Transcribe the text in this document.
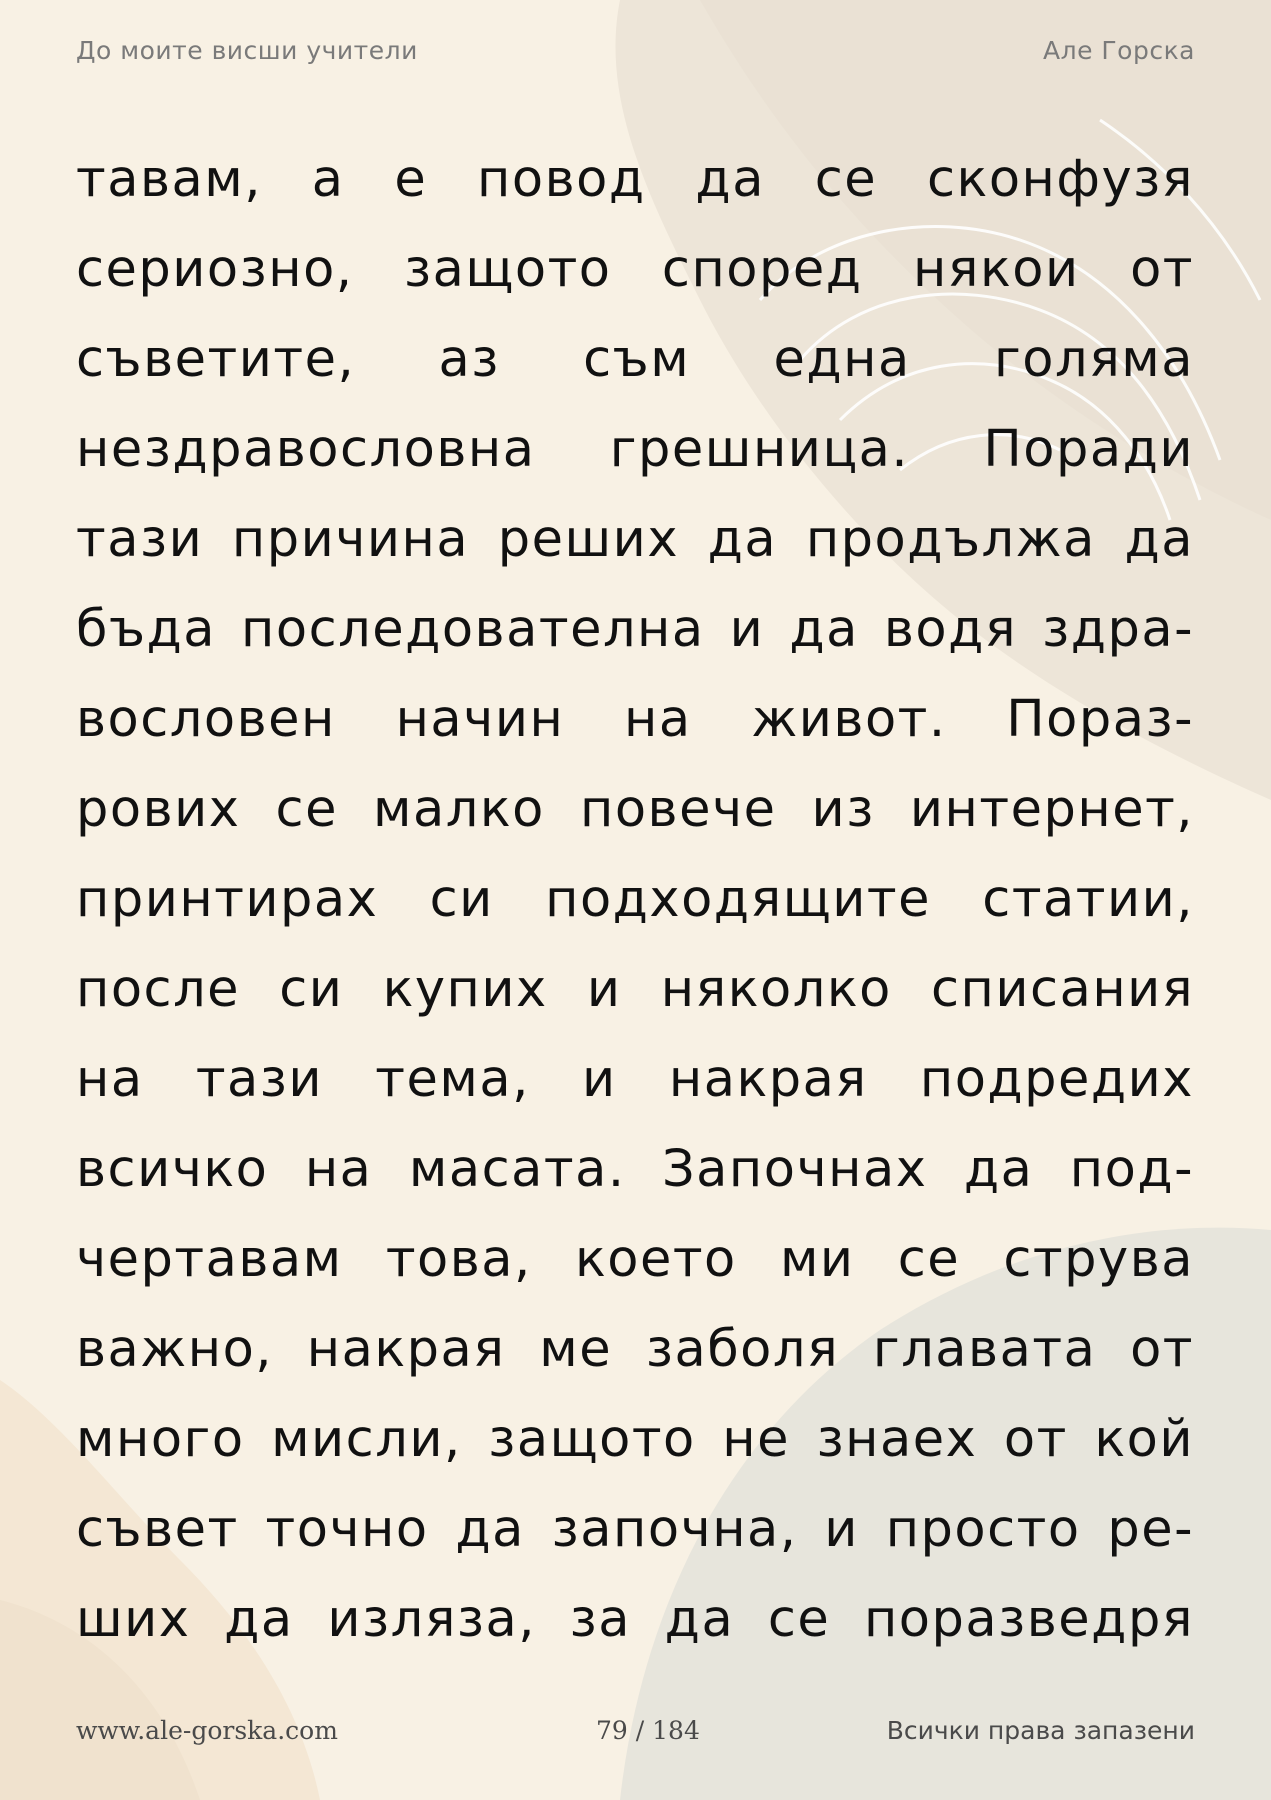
До моите висши учители	Але Горска
тавам, а е повод да се сконфузя
сериозно, защото според някои от
съветите, аз съм една голяма
нездравословна грешница. Поради
тази причина реших да продължа да
бъда последователна и да водя здра-
вословен начин на живот. Пораз-
ровиx се малко повече из интернет,
принтирах си подходящите статии,
после си купих и няколко списания
на тази тема, и накрая подредих
всичко на масата. Започнах да под-
чертавам това, което ми се струва
важно, накрая ме заболя главата от
много мисли, защото не знаех от кой
съвет точно да започна, и просто ре-
ших да изляза, за да се поразведря
www.ale-gorska.com	79 / 184	Всички права запазени
